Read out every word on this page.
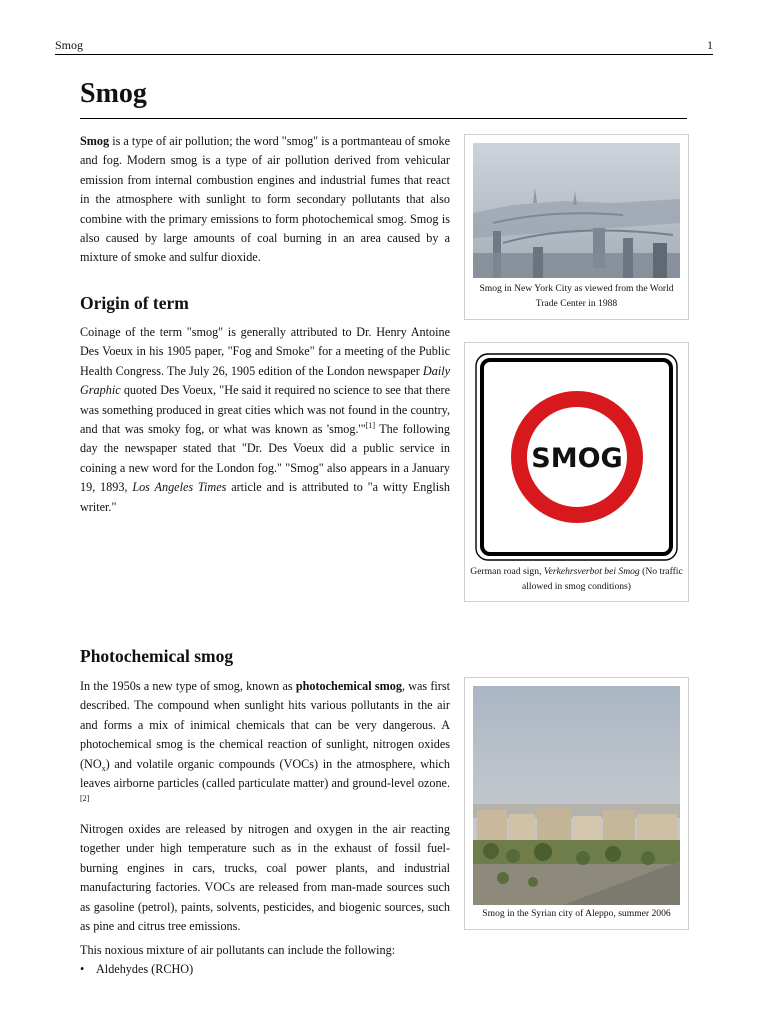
Smog	1
Smog

Smog is a type of air pollution; the word "smog" is a portmanteau of smoke and fog. Modern smog is a type of air pollution derived from vehicular emission from internal combustion engines and industrial fumes that react in the atmosphere with sunlight to form secondary pollutants that also combine with the primary emissions to form photochemical smog. Smog is also caused by large amounts of coal burning in an area caused by a mixture of smoke and sulfur dioxide.

Origin of term

Coinage of the term "smog" is generally attributed to Dr. Henry Antoine Des Voeux in his 1905 paper, "Fog and Smoke" for a meeting of the Public Health Congress. The July 26, 1905 edition of the London newspaper Daily Graphic quoted Des Voeux, "He said it required no science to see that there was something produced in great cities which was not found in the country, and that was smoky fog, or what was known as 'smog.'"[1] The following day the newspaper stated that "Dr. Des Voeux did a public service in coining a new word for the London fog." "Smog" also appears in a January 19, 1893, Los Angeles Times article and is attributed to "a witty English writer."

Photochemical smog

In the 1950s a new type of smog, known as photochemical smog, was first described. The compound when sunlight hits various pollutants in the air and forms a mix of inimical chemicals that can be very dangerous. A photochemical smog is the chemical reaction of sunlight, nitrogen oxides $(NO_x)$ and volatile organic compounds (VOCs) in the atmosphere, which leaves airborne particles (called particulate matter) and ground-level ozone.[2]

Nitrogen oxides are released by nitrogen and oxygen in the air reacting together under high temperature such as in the exhaust of fossil fuel-burning engines in cars, trucks, coal power plants, and industrial manufacturing factories. VOCs are released from man-made sources such as gasoline (petrol), paints, solvents, pesticides, and biogenic sources, such as pine and citrus tree emissions.

This noxious mixture of air pollutants can include the following:

• Aldehydes (RCHO)
Smog in New York City as viewed from the World Trade Center in 1988
SMOG
German road sign, Verkehrsverbot bei Smog (No traffic allowed in smog conditions)
Smog in the Syrian city of Aleppo, summer 2006
